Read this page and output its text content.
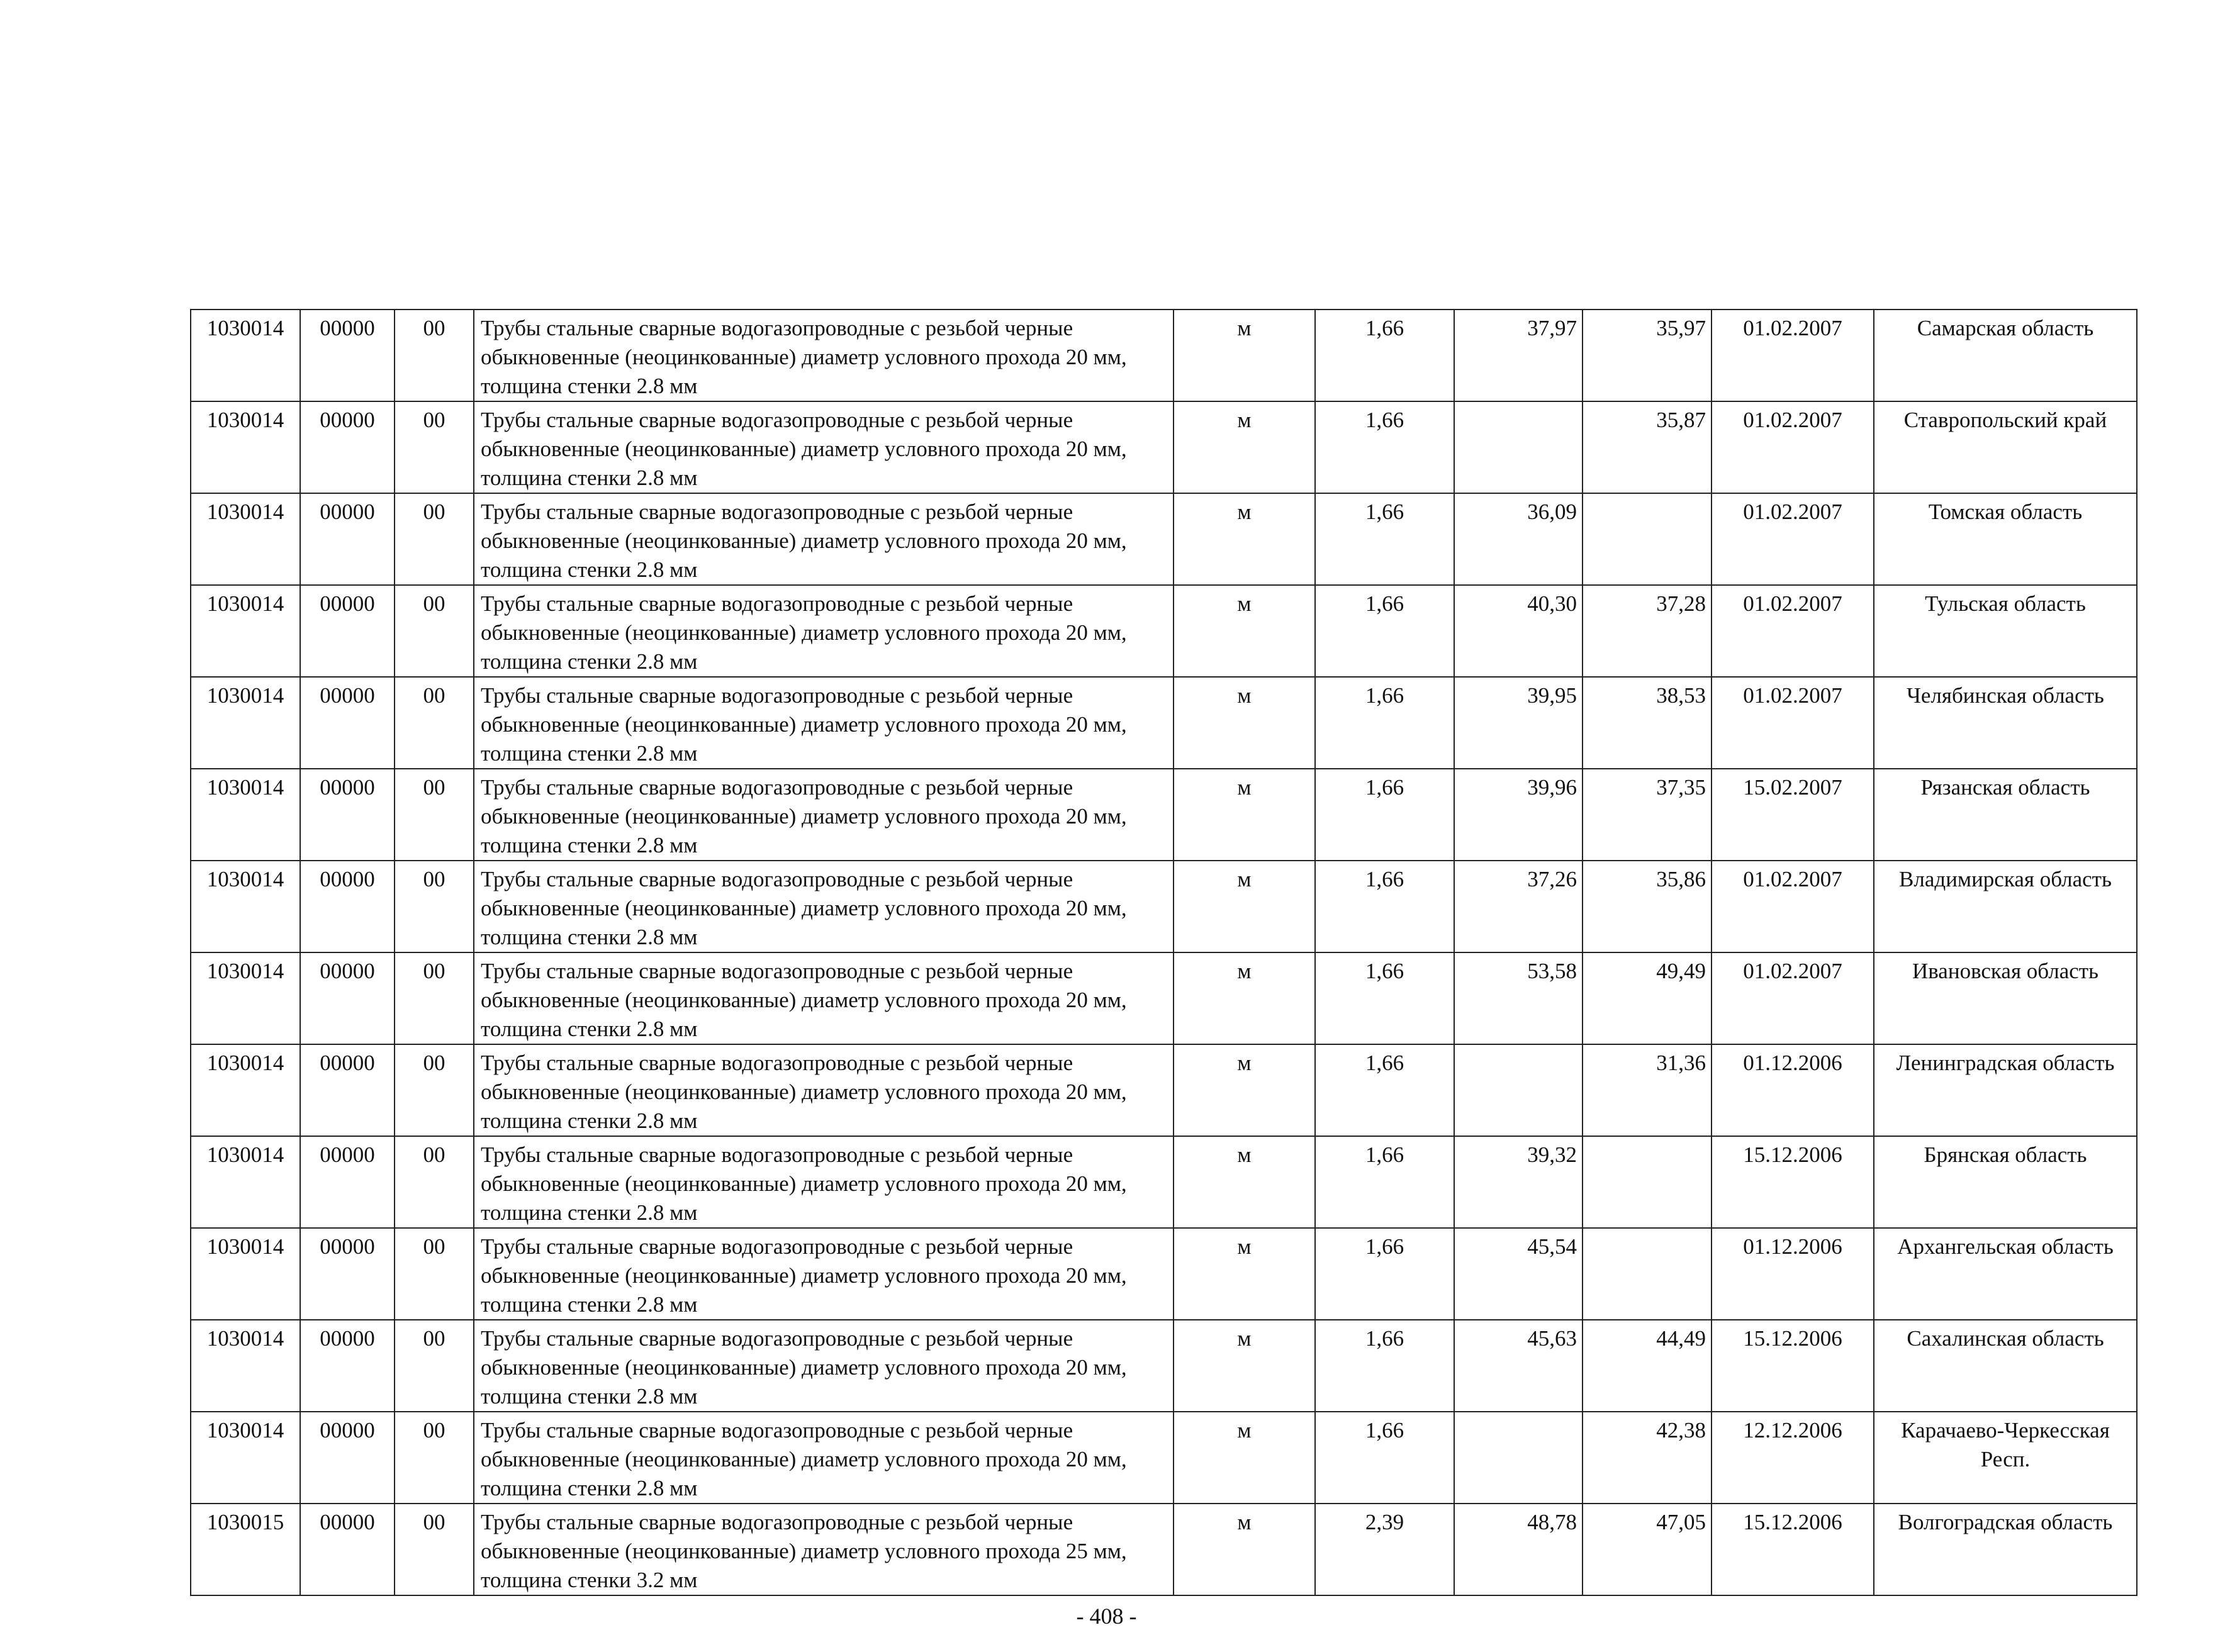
1030014	00000	00	Трубы стальные сварные водогазопроводные с резьбой черные обыкновенные (неоцинкованные) диаметр условного прохода 20 мм, толщина стенки 2.8 мм	м	1,66	37,97	35,97	01.02.2007	Самарская область
1030014	00000	00	Трубы стальные сварные водогазопроводные с резьбой черные обыкновенные (неоцинкованные) диаметр условного прохода 20 мм, толщина стенки 2.8 мм	м	1,66		35,87	01.02.2007	Ставропольский край
1030014	00000	00	Трубы стальные сварные водогазопроводные с резьбой черные обыкновенные (неоцинкованные) диаметр условного прохода 20 мм, толщина стенки 2.8 мм	м	1,66	36,09		01.02.2007	Томская область
1030014	00000	00	Трубы стальные сварные водогазопроводные с резьбой черные обыкновенные (неоцинкованные) диаметр условного прохода 20 мм, толщина стенки 2.8 мм	м	1,66	40,30	37,28	01.02.2007	Тульская область
1030014	00000	00	Трубы стальные сварные водогазопроводные с резьбой черные обыкновенные (неоцинкованные) диаметр условного прохода 20 мм, толщина стенки 2.8 мм	м	1,66	39,95	38,53	01.02.2007	Челябинская область
1030014	00000	00	Трубы стальные сварные водогазопроводные с резьбой черные обыкновенные (неоцинкованные) диаметр условного прохода 20 мм, толщина стенки 2.8 мм	м	1,66	39,96	37,35	15.02.2007	Рязанская область
1030014	00000	00	Трубы стальные сварные водогазопроводные с резьбой черные обыкновенные (неоцинкованные) диаметр условного прохода 20 мм, толщина стенки 2.8 мм	м	1,66	37,26	35,86	01.02.2007	Владимирская область
1030014	00000	00	Трубы стальные сварные водогазопроводные с резьбой черные обыкновенные (неоцинкованные) диаметр условного прохода 20 мм, толщина стенки 2.8 мм	м	1,66	53,58	49,49	01.02.2007	Ивановская область
1030014	00000	00	Трубы стальные сварные водогазопроводные с резьбой черные обыкновенные (неоцинкованные) диаметр условного прохода 20 мм, толщина стенки 2.8 мм	м	1,66		31,36	01.12.2006	Ленинградская область
1030014	00000	00	Трубы стальные сварные водогазопроводные с резьбой черные обыкновенные (неоцинкованные) диаметр условного прохода 20 мм, толщина стенки 2.8 мм	м	1,66	39,32		15.12.2006	Брянская область
1030014	00000	00	Трубы стальные сварные водогазопроводные с резьбой черные обыкновенные (неоцинкованные) диаметр условного прохода 20 мм, толщина стенки 2.8 мм	м	1,66	45,54		01.12.2006	Архангельская область
1030014	00000	00	Трубы стальные сварные водогазопроводные с резьбой черные обыкновенные (неоцинкованные) диаметр условного прохода 20 мм, толщина стенки 2.8 мм	м	1,66	45,63	44,49	15.12.2006	Сахалинская область
1030014	00000	00	Трубы стальные сварные водогазопроводные с резьбой черные обыкновенные (неоцинкованные) диаметр условного прохода 20 мм, толщина стенки 2.8 мм	м	1,66		42,38	12.12.2006	Карачаево-Черкесская Респ.
1030015	00000	00	Трубы стальные сварные водогазопроводные с резьбой черные обыкновенные (неоцинкованные) диаметр условного прохода 25 мм, толщина стенки 3.2 мм	м	2,39	48,78	47,05	15.12.2006	Волгоградская область
- 408 -
